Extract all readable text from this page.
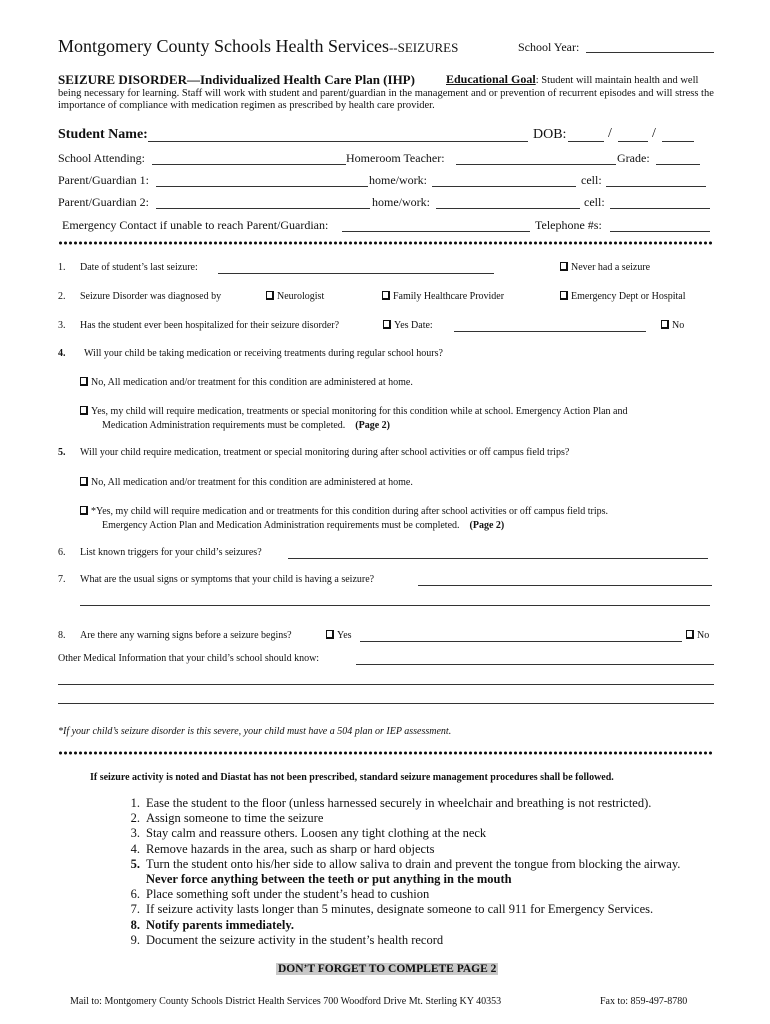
Montgomery County Schools Health Services--SEIZURES	School Year:
SEIZURE DISORDER—Individualized Health Care Plan (IHP)	Educational Goal: Student will maintain health and well being necessary for learning. Staff will work with student and parent/guardian in the management and or prevention of recurrent episodes and will stress the importance of compliance with medication regimen as prescribed by health care provider.
Student Name:	DOB:	/	/
School Attending:	Homeroom Teacher:	Grade:
Parent/Guardian 1:	home/work:	cell:
Parent/Guardian 2:	home/work:	cell:
Emergency Contact if unable to reach Parent/Guardian:	Telephone #s:
1. Date of student’s last seizure:	Never had a seizure
2. Seizure Disorder was diagnosed by	Neurologist	Family Healthcare Provider	Emergency Dept or Hospital
3. Has the student ever been hospitalized for their seizure disorder?	Yes Date:	No
4. Will your child be taking medication or receiving treatments during regular school hours?
No, All medication and/or treatment for this condition are administered at home.
Yes, my child will require medication, treatments or special monitoring for this condition while at school. Emergency Action Plan and
Medication Administration requirements must be completed. (Page 2)
5. Will your child require medication, treatment or special monitoring during after school activities or off campus field trips?
No, All medication and/or treatment for this condition are administered at home.
*Yes, my child will require medication and or treatments for this condition during after school activities or off campus field trips.
Emergency Action Plan and Medication Administration requirements must be completed. (Page 2)
6. List known triggers for your child’s seizures?
7. What are the usual signs or symptoms that your child is having a seizure?
8. Are there any warning signs before a seizure begins?	Yes	No
Other Medical Information that your child’s school should know:
*If your child’s seizure disorder is this severe, your child must have a 504 plan or IEP assessment.
If seizure activity is noted and Diastat has not been prescribed, standard seizure management procedures shall be followed.
1. Ease the student to the floor (unless harnessed securely in wheelchair and breathing is not restricted).
2. Assign someone to time the seizure
3. Stay calm and reassure others. Loosen any tight clothing at the neck
4. Remove hazards in the area, such as sharp or hard objects
5. Turn the student onto his/her side to allow saliva to drain and prevent the tongue from blocking the airway.
Never force anything between the teeth or put anything in the mouth
6. Place something soft under the student’s head to cushion
7. If seizure activity lasts longer than 5 minutes, designate someone to call 911 for Emergency Services.
8. Notify parents immediately.
9. Document the seizure activity in the student’s health record
DON’T FORGET TO COMPLETE PAGE 2
Mail to: Montgomery County Schools District Health Services 700 Woodford Drive Mt. Sterling KY 40353	Fax to: 859-497-8780
